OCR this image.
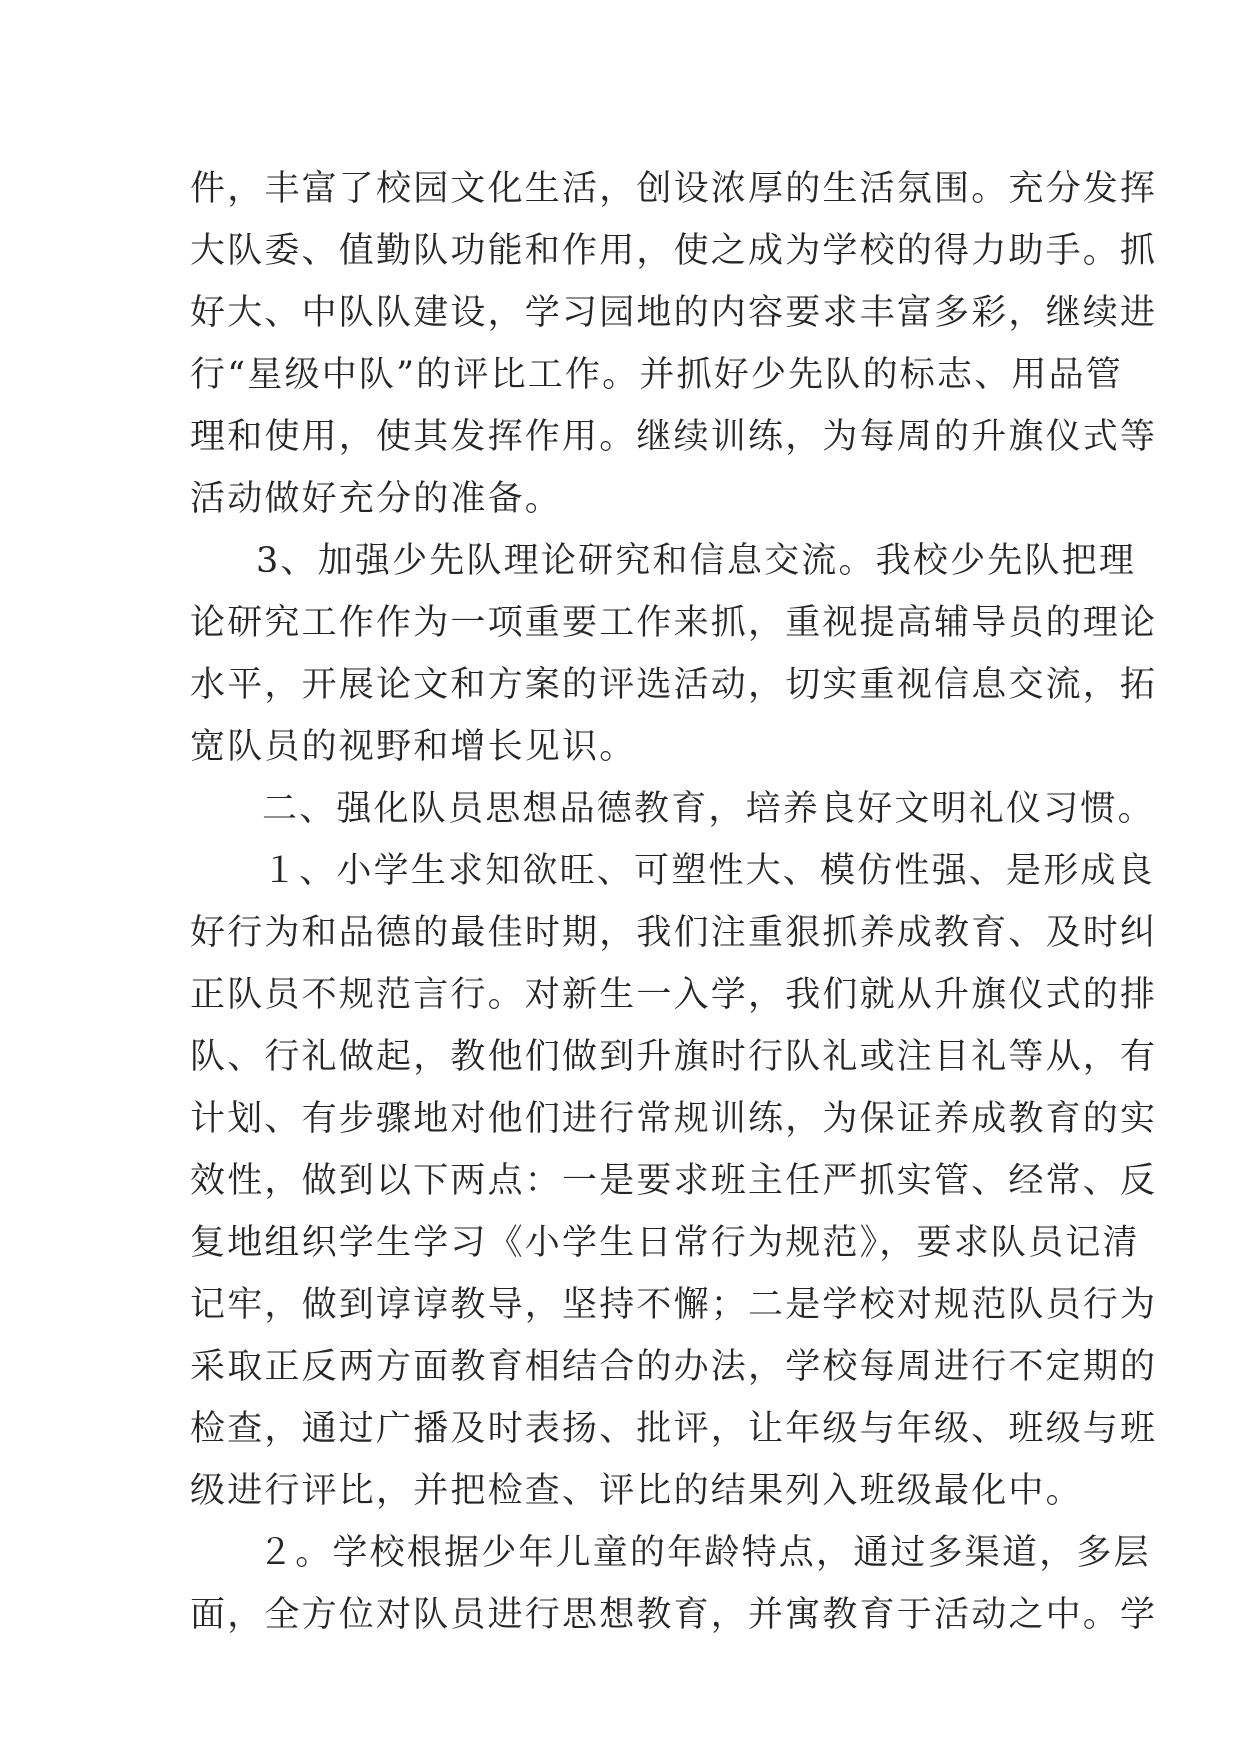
件，丰富了校园文化生活，创设浓厚的生活氛围。充分发挥
大队委、值勤队功能和作用，使之成为学校的得力助手。抓
好大、中队队建设，学习园地的内容要求丰富多彩，继续进
行“星级中队”的评比工作。并抓好少先队的标志、用品管
理和使用，使其发挥作用。继续训练，为每周的升旗仪式等
活动做好充分的准备。
3、加强少先队理论研究和信息交流。我校少先队把理
论研究工作作为一项重要工作来抓，重视提高辅导员的理论
水平，开展论文和方案的评选活动，切实重视信息交流，拓
宽队员的视野和增长见识。
二、强化队员思想品德教育，培养良好文明礼仪习惯。
１、小学生求知欲旺、可塑性大、模仿性强、是形成良
好行为和品德的最佳时期，我们注重狠抓养成教育、及时纠
正队员不规范言行。对新生一入学，我们就从升旗仪式的排
队、行礼做起，教他们做到升旗时行队礼或注目礼等从，有
计划、有步骤地对他们进行常规训练，为保证养成教育的实
效性，做到以下两点：一是要求班主任严抓实管、经常、反
复地组织学生学习《小学生日常行为规范》，要求队员记清
记牢，做到谆谆教导，坚持不懈；二是学校对规范队员行为
采取正反两方面教育相结合的办法，学校每周进行不定期的
检查，通过广播及时表扬、批评，让年级与年级、班级与班
级进行评比，并把检查、评比的结果列入班级最化中。
２。学校根据少年儿童的年龄特点，通过多渠道，多层
面，全方位对队员进行思想教育，并寓教育于活动之中。学
